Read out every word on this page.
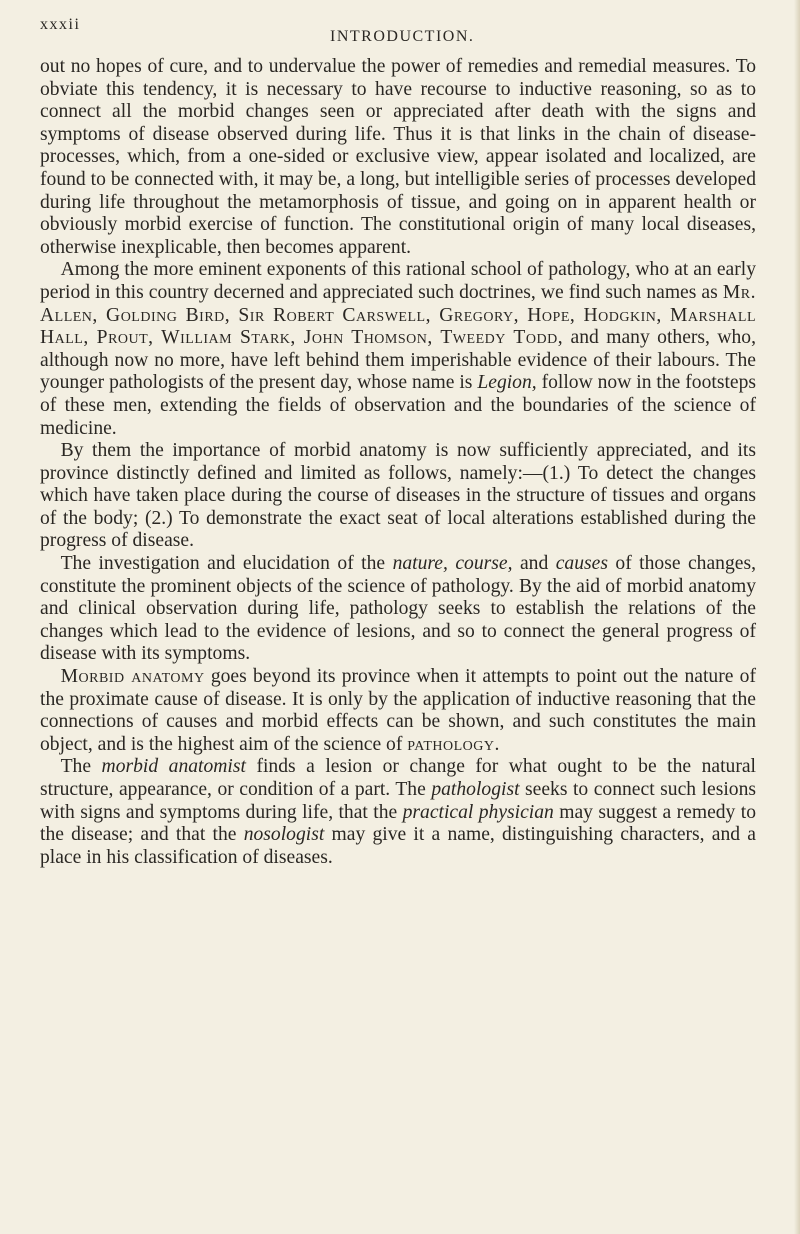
xxxii
INTRODUCTION.

out no hopes of cure, and to undervalue the power of remedies and remedial measures. To obviate this tendency, it is necessary to have recourse to inductive reasoning, so as to connect all the morbid changes seen or appreciated after death with the signs and symptoms of disease observed during life. Thus it is that links in the chain of disease-processes, which, from a one-sided or exclusive view, appear isolated and localized, are found to be connected with, it may be, a long, but intelligible series of processes developed during life throughout the metamorphosis of tissue, and going on in apparent health or obviously morbid exercise of function. The constitutional origin of many local diseases, otherwise inexplicable, then becomes apparent.

Among the more eminent exponents of this rational school of pathology, who at an early period in this country decerned and appreciated such doctrines, we find such names as Mr. Allen, Golding Bird, Sir Robert Carswell, Gregory, Hope, Hodgkin, Marshall Hall, Prout, William Stark, John Thomson, Tweedy Todd, and many others, who, although now no more, have left behind them imperishable evidence of their labours. The younger pathologists of the present day, whose name is Legion, follow now in the footsteps of these men, extending the fields of observation and the boundaries of the science of medicine.

By them the importance of morbid anatomy is now sufficiently appreciated, and its province distinctly defined and limited as follows, namely:—(1.) To detect the changes which have taken place during the course of diseases in the structure of tissues and organs of the body; (2.) To demonstrate the exact seat of local alterations established during the progress of disease.

The investigation and elucidation of the nature, course, and causes of those changes, constitute the prominent objects of the science of pathology. By the aid of morbid anatomy and clinical observation during life, pathology seeks to establish the relations of the changes which lead to the evidence of lesions, and so to connect the general progress of disease with its symptoms.

Morbid anatomy goes beyond its province when it attempts to point out the nature of the proximate cause of disease. It is only by the application of inductive reasoning that the connections of causes and morbid effects can be shown, and such constitutes the main object, and is the highest aim of the science of pathology.

The morbid anatomist finds a lesion or change for what ought to be the natural structure, appearance, or condition of a part. The pathologist seeks to connect such lesions with signs and symptoms during life, that the practical physician may suggest a remedy to the disease; and that the nosologist may give it a name, distinguishing characters, and a place in his classification of diseases.
